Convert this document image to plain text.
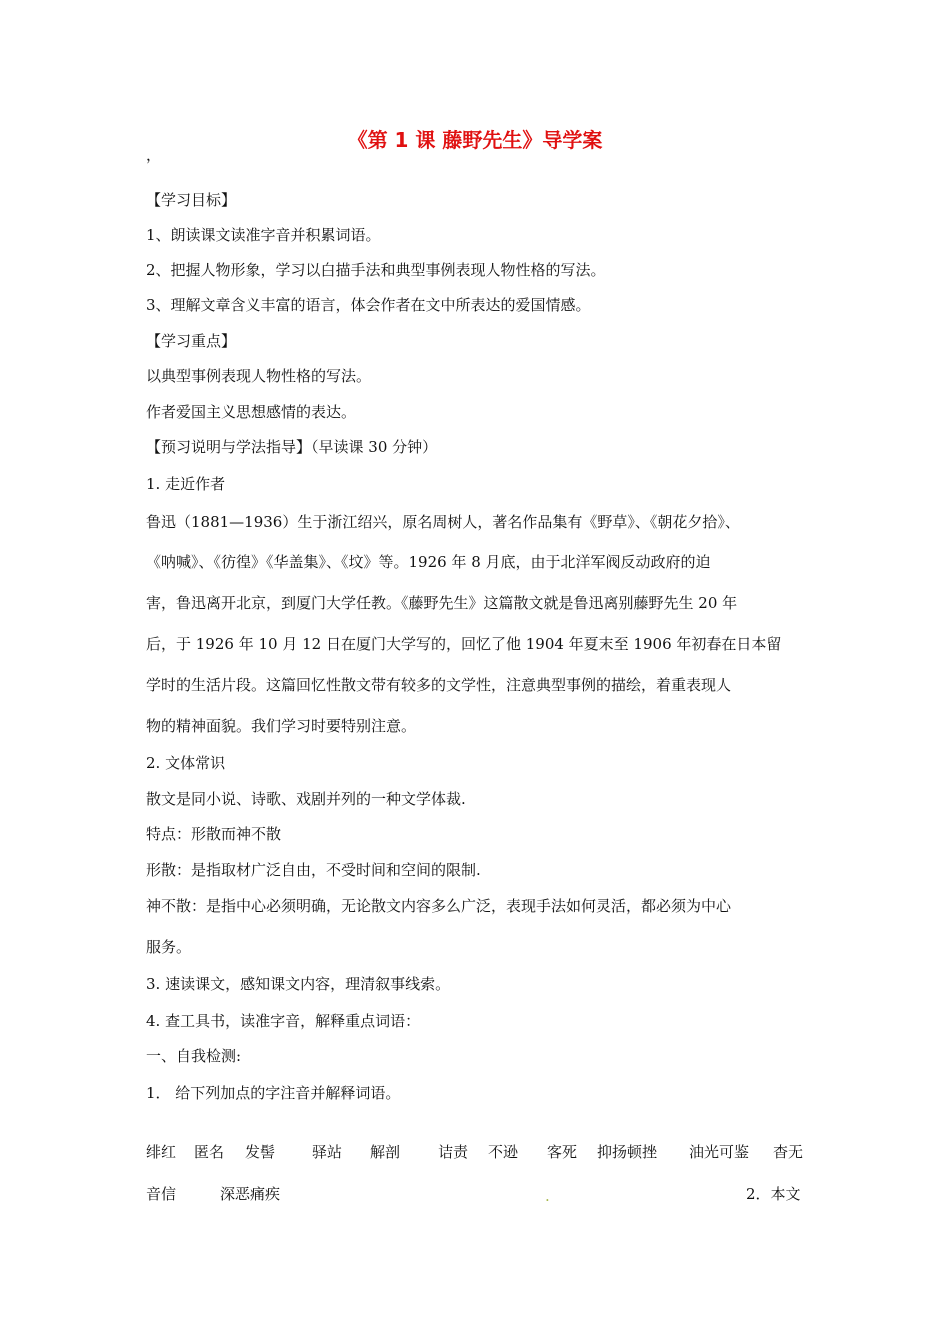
《第 1 课 藤野先生》导学案
，
【学习目标】
1、朗读课文读准字音并积累词语。
2、把握人物形象，学习以白描手法和典型事例表现人物性格的写法。
3、理解文章含义丰富的语言，体会作者在文中所表达的爱国情感。
【学习重点】
以典型事例表现人物性格的写法。
作者爱国主义思想感情的表达。
【预习说明与学法指导】（早读课 30 分钟）
1. 走近作者
鲁迅（1881—1936）生于浙江绍兴，原名周树人，著名作品集有《野草》、《朝花夕拾》、
《呐喊》、《彷徨》《华盖集》、《坟》等。1926 年 8 月底，由于北洋军阀反动政府的迫
害，鲁迅离开北京，到厦门大学任教。《藤野先生》这篇散文就是鲁迅离别藤野先生 20 年
后，于 1926 年 10 月 12 日在厦门大学写的，回忆了他 1904 年夏末至 1906 年初春在日本留
学时的生活片段。这篇回忆性散文带有较多的文学性，注意典型事例的描绘，着重表现人
物的精神面貌。我们学习时要特别注意。
2. 文体常识
散文是同小说、诗歌、戏剧并列的一种文学体裁.
特点：形散而神不散
形散：是指取材广泛自由，不受时间和空间的限制.
神不散：是指中心必须明确，无论散文内容多么广泛，表现手法如何灵活，都必须为中心
服务。
3. 速读课文，感知课文内容，理清叙事线索。
4. 查工具书，读准字音，解释重点词语：
一、自我检测:
1． 给下列加点的字注音并解释词语。
绯红 匿名 发髻 驿站 解剖	诘责 不逊 客死 抑扬顿挫 油光可鉴 杳无
音信	深恶痛疾	.	2．本文
